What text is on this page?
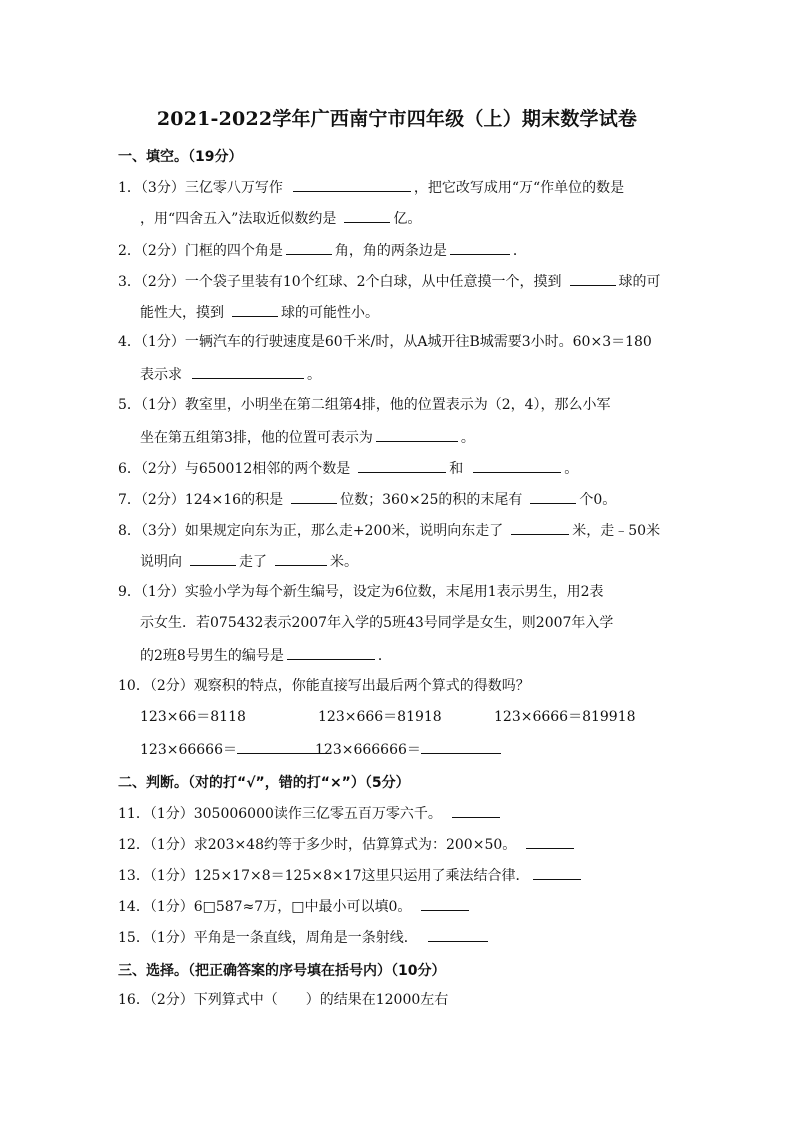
2021-2022学年广西南宁市四年级（上）期末数学试卷
一、填空。（19分）
1．（3分）三亿零八万写作	，把它改写成用“万“作单位的数是
，用“四舍五入”法取近似数约是	亿。
2．（2分）门框的四个角是	角，角的两条边是	．
3．（2分）一个袋子里装有10个红球、2个白球，从中任意摸一个，摸到	球的可
能性大，摸到	球的可能性小。
4．（1分）一辆汽车的行驶速度是60千米/时，从A城开往B城需要3小时。60×3＝180
表示求	。
5．（1分）教室里，小明坐在第二组第4排，他的位置表示为（2，4），那么小军
坐在第五组第3排，他的位置可表示为	。
6．（2分）与650012相邻的两个数是	和	。
7．（2分）124×16的积是	位数；360×25的积的末尾有	个0。
8．（3分）如果规定向东为正，那么走+200米，说明向东走了	米，走﹣50米
说明向	走了	米。
9．（1分）实验小学为每个新生编号，设定为6位数，末尾用1表示男生，用2表
示女生．若075432表示2007年入学的5班43号同学是女生，则2007年入学
的2班8号男生的编号是	．
10．（2分）观察积的特点，你能直接写出最后两个算式的得数吗？
123×66＝8118	123×666＝81918	123×6666＝819918
123×66666＝	123×666666＝
二、判断。（对的打“√”，错的打“×”）（5分）
11．（1分）305006000读作三亿零五百万零六千。
12．（1分）求203×48约等于多少时，估算算式为：200×50。
13．（1分）125×17×8＝125×8×17这里只运用了乘法结合律．
14．（1分）6□587≈7万，□中最小可以填0。
15．（1分）平角是一条直线，周角是一条射线．
三、选择。（把正确答案的序号填在括号内）（10分）
16．（2分）下列算式中（　　）的结果在12000左右
